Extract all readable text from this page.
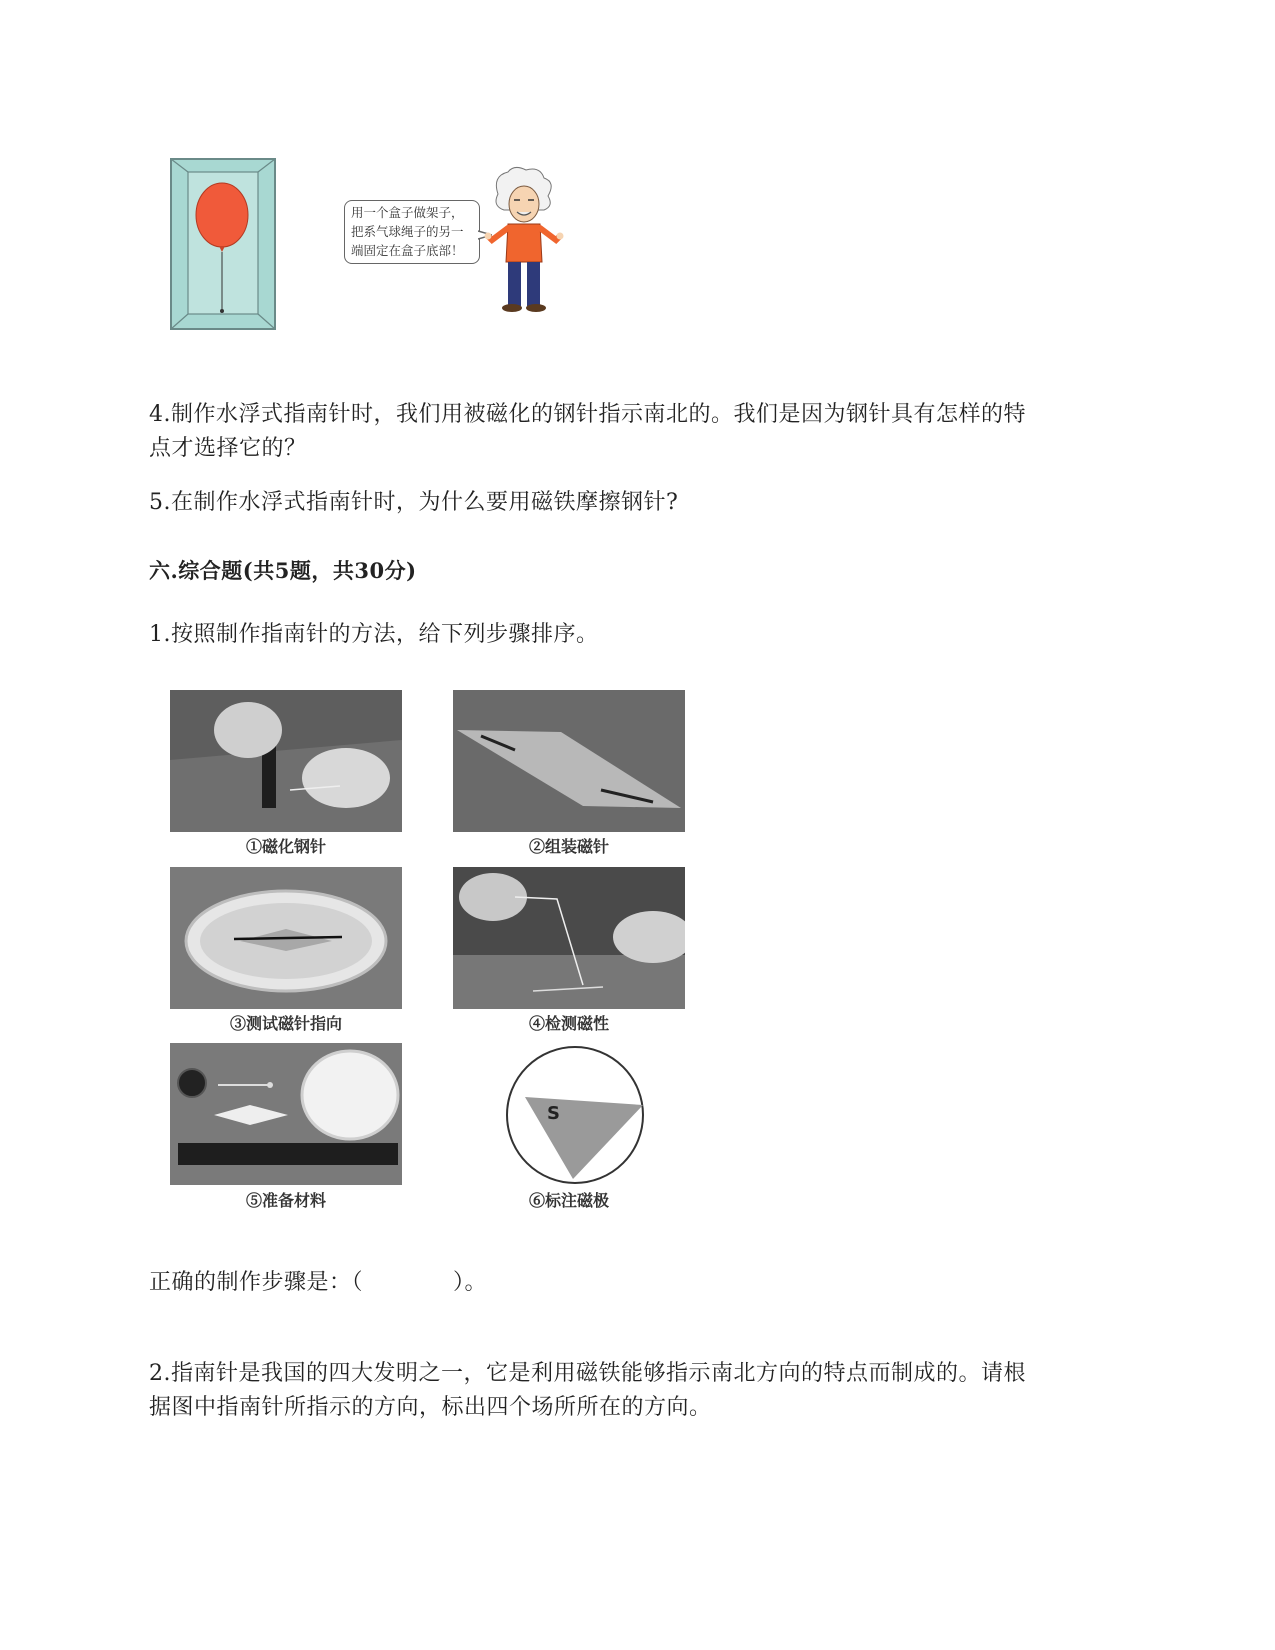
用一个盒子做架子，
把系气球绳子的另一
端固定在盒子底部！
4.制作水浮式指南针时，我们用被磁化的钢针指示南北的。我们是因为钢针具有怎样的特
点才选择它的？
5.在制作水浮式指南针时，为什么要用磁铁摩擦钢针?
六.综合题(共5题，共30分)
1.按照制作指南针的方法，给下列步骤排序。
①磁化钢针	②组装磁针
③测试磁针指向	④检测磁性
⑤准备材料
S
⑥标注磁极
正确的制作步骤是：（　　　　）。
2.指南针是我国的四大发明之一，它是利用磁铁能够指示南北方向的特点而制成的。请根
据图中指南针所指示的方向，标出四个场所所在的方向。
